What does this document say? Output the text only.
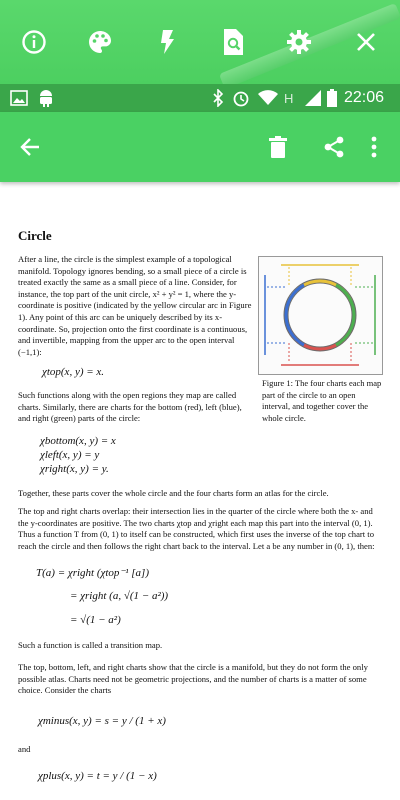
H	22:06
Circle

After a line, the circle is the simplest example of a topological manifold. Topology ignores bending, so a small piece of a circle is treated exactly the same as a small piece of a line. Consider, for instance, the top part of the unit circle, x² + y² = 1, where the y-coordinate is positive (indicated by the yellow circular arc in Figure 1). Any point of this arc can be uniquely described by its x-coordinate. So, projection onto the first coordinate is a continuous, and invertible, mapping from the upper arc to the open interval (−1,1):

χtop(x, y) = x.

Such functions along with the open regions they map are called charts. Similarly, there are charts for the bottom (red), left (blue), and right (green) parts of the circle:

χbottom(x, y) = x
χleft(x, y) = y
χright(x, y) = y.

Figure 1: The four charts each map part of the circle to an open interval, and together cover the whole circle.

Together, these parts cover the whole circle and the four charts form an atlas for the circle.

The top and right charts overlap: their intersection lies in the quarter of the circle where both the x- and the y-coordinates are positive. The two charts χtop and χright each map this part into the interval (0, 1). Thus a function T from (0, 1) to itself can be constructed, which first uses the inverse of the top chart to reach the circle and then follows the right chart back to the interval. Let a be any number in (0, 1), then:

T(a) = χright (χtop⁻¹ [a])
= χright (a, √(1 − a²))
= √(1 − a²)

Such a function is called a transition map.

The top, bottom, left, and right charts show that the circle is a manifold, but they do not form the only possible atlas. Charts need not be geometric projections, and the number of charts is a matter of some choice. Consider the charts

χminus(x, y) = s = y / (1 + x)

and

χplus(x, y) = t = y / (1 − x)
